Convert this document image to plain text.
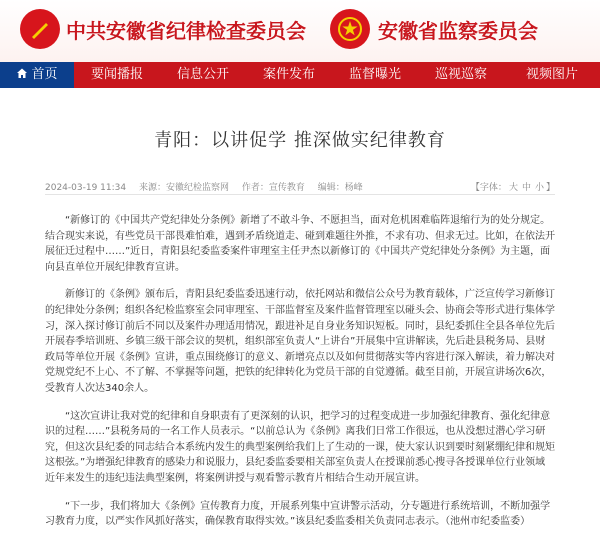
中共安徽省纪律检查委员会	安徽省监察委员会
首页	要闻播报	信息公开	案件发布	监督曝光	巡视巡察	视频图片
青阳：以讲促学 推深做实纪律教育
2024-03-19 11:34 来源：安徽纪检监察网 作者：宣传教育 编辑：杨峰	【字体： 大 中 小 】

“新修订的《中国共产党纪律处分条例》新增了不敢斗争、不愿担当，面对危机困难临阵退缩行为的处分规定。结合现实来说，有些党员干部畏难怕难，遇到矛盾绕道走、碰到难题往外推，不求有功、但求无过。比如，在依法开展征迁过程中……”近日，青阳县纪委监委案件审理室主任尹杰以新修订的《中国共产党纪律处分条例》为主题，面向县直单位开展纪律教育宣讲。

新修订的《条例》颁布后，青阳县纪委监委迅速行动，依托网站和微信公众号为教育载体，广泛宣传学习新修订的纪律处分条例；组织各纪检监察室会同审理室、干部监督室及案件监督管理室以碰头会、协商会等形式进行集体学习，深入探讨修订前后不同以及案件办理适用情况，跟进补足自身业务知识短板。同时，县纪委抓住全县各单位先后开展春季培训班、乡镇三级干部会议的契机，组织部室负责人“上讲台”开展集中宣讲解读，先后赴县税务局、县财政局等单位开展《条例》宣讲，重点围绕修订的意义、新增亮点以及如何贯彻落实等内容进行深入解读，着力解决对党规党纪不上心、不了解、不掌握等问题，把铁的纪律转化为党员干部的自觉遵循。截至目前，开展宣讲场次6次，受教育人次达340余人。

“这次宣讲让我对党的纪律和自身职责有了更深刻的认识，把学习的过程变成进一步加强纪律教育、强化纪律意识的过程……”县税务局的一名工作人员表示。“以前总认为《条例》离我们日常工作很远，也从没想过潜心学习研究，但这次县纪委的同志结合本系统内发生的典型案例给我们上了生动的一课，使大家认识到要时刻紧绷纪律和规矩这根弦。”为增强纪律教育的感染力和说服力，县纪委监委要相关部室负责人在授课前悉心搜寻各授课单位行业领域近年来发生的违纪违法典型案例，将案例讲授与观看警示教育片相结合生动开展宣讲。

“下一步，我们将加大《条例》宣传教育力度，开展系列集中宣讲警示活动，分专题进行系统培训，不断加强学习教育力度，以严实作风抓好落实，确保教育取得实效。”该县纪委监委相关负责同志表示。（池州市纪委监委）
